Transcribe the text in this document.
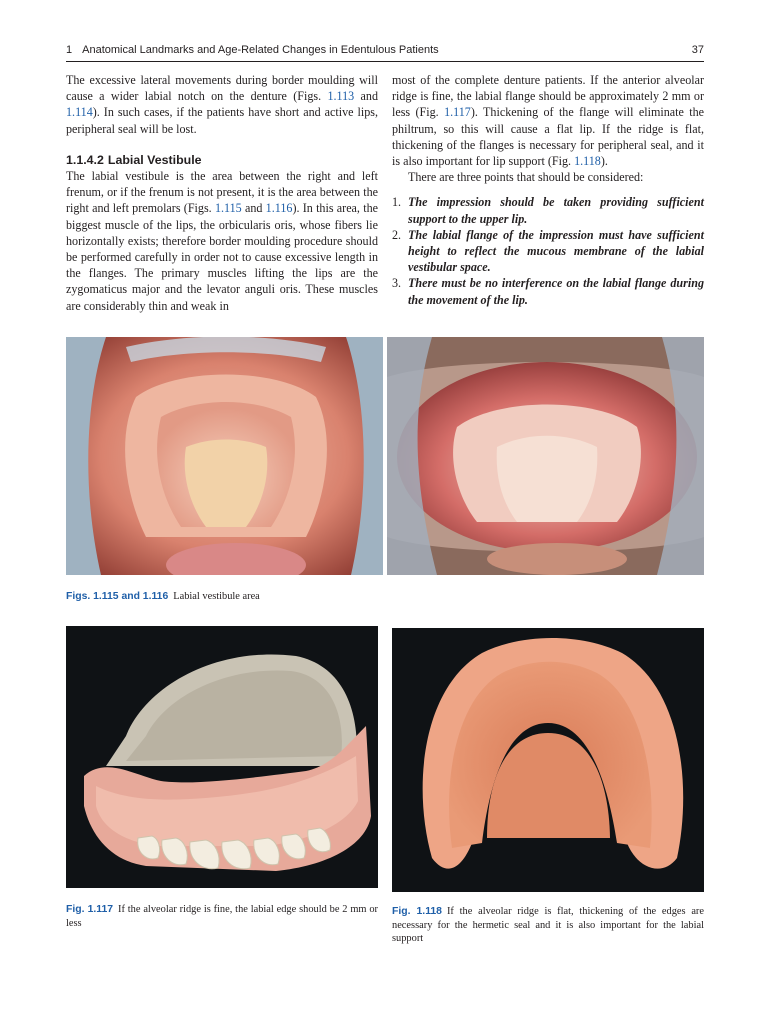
1 Anatomical Landmarks and Age-Related Changes in Edentulous Patients	37

The excessive lateral movements during border moulding will cause a wider labial notch on the denture (Figs. 1.113 and 1.114). In such cases, if the patients have short and active lips, peripheral seal will be lost.

1.1.4.2 Labial Vestibule

The labial vestibule is the area between the right and left frenum, or if the frenum is not present, it is the area between the right and left premolars (Figs. 1.115 and 1.116). In this area, the biggest muscle of the lips, the orbicularis oris, whose fibers lie horizontally exists; therefore border moulding procedure should be performed carefully in order not to cause excessive length in the flanges. The primary muscles lifting the lips are the zygomaticus major and the levator anguli oris. These muscles are considerably thin and weak in

most of the complete denture patients. If the anterior alveolar ridge is fine, the labial flange should be approximately 2 mm or less (Fig. 1.117). Thickening of the flange will eliminate the philtrum, so this will cause a flat lip. If the ridge is flat, thickening of the flanges is necessary for peripheral seal, and it is also important for lip support (Fig. 1.118).

There are three points that should be considered:

1. The impression should be taken providing sufficient support to the upper lip.
2. The labial flange of the impression must have sufficient height to reflect the mucous membrane of the labial vestibular space.
3. There must be no interference on the labial flange during the movement of the lip.
Figs. 1.115 and 1.116 Labial vestibule area
Fig. 1.117 If the alveolar ridge is fine, the labial edge should be 2 mm or less
Fig. 1.118 If the alveolar ridge is flat, thickening of the edges are necessary for the hermetic seal and it is also important for the labial support
